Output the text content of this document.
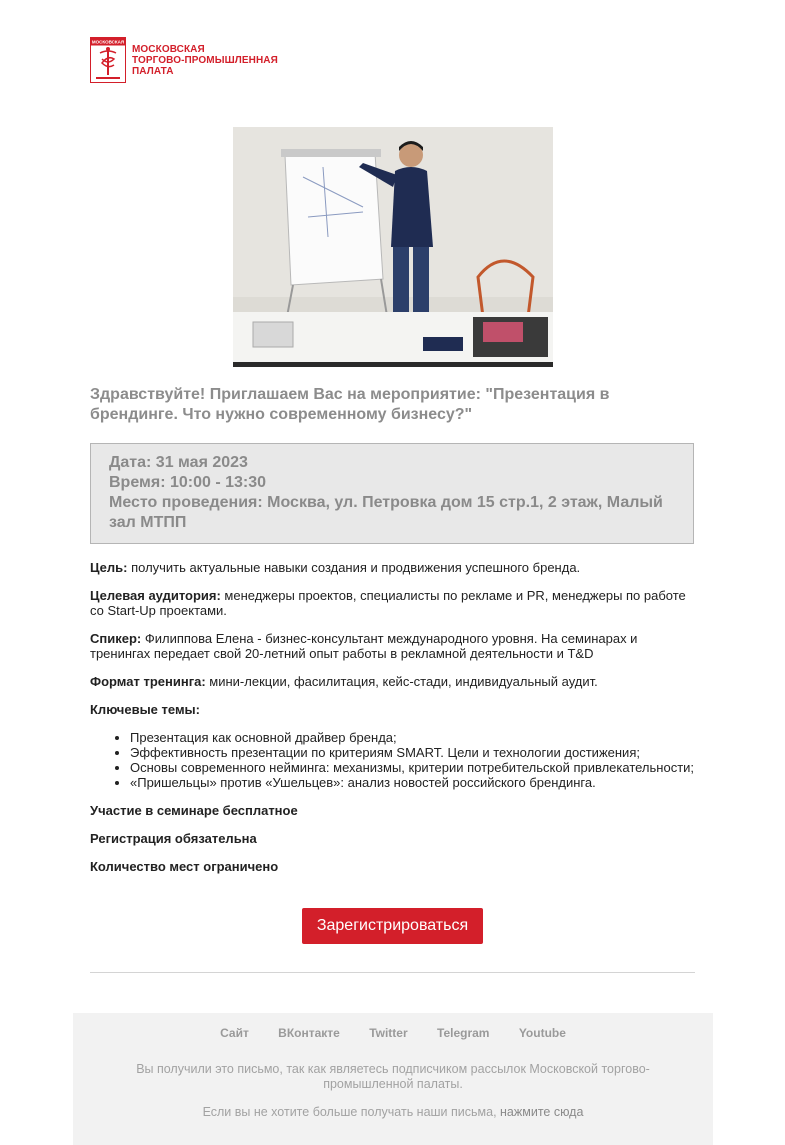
МОСКОВСКАЯ
МОСКОВСКАЯ
ТОРГОВО-ПРОМЫШЛЕННАЯ
ПАЛАТА
Здравствуйте! Приглашаем Вас на мероприятие: "Презентация в брендинге. Что нужно современному бизнесу?"
Дата: 31 мая 2023
Время: 10:00 - 13:30
Место проведения: Москва, ул. Петровка дом 15 стр.1, 2 этаж, Малый зал МТПП

Цель: получить актуальные навыки создания и продвижения успешного бренда.

Целевая аудитория: менеджеры проектов, специалисты по рекламе и PR, менеджеры по работе со Start-Up проектами.

Спикер: Филиппова Елена - бизнес-консультант международного уровня. На семинарах и тренингах передает свой 20-летний опыт работы в рекламной деятельности и T&D

Формат тренинга: мини-лекции, фасилитация, кейс-стади, индивидуальный аудит.

Ключевые темы:

• Презентация как основной драйвер бренда;
• Эффективность презентации по критериям SMART. Цели и технологии достижения;
• Основы современного нейминга: механизмы, критерии потребительской привлекательности;
• «Пришельцы» против «Ушельцев»: анализ новостей российского брендинга.

Участие в семинаре бесплатное

Регистрация обязательна

Количество мест ограничено

Зарегистрироваться
Сайт ВКонтакте Twitter Telegram Youtube
Вы получили это письмо, так как являетесь подписчиком рассылок Московской торгово-промышленной палаты.
Если вы не хотите больше получать наши письма, нажмите сюда
